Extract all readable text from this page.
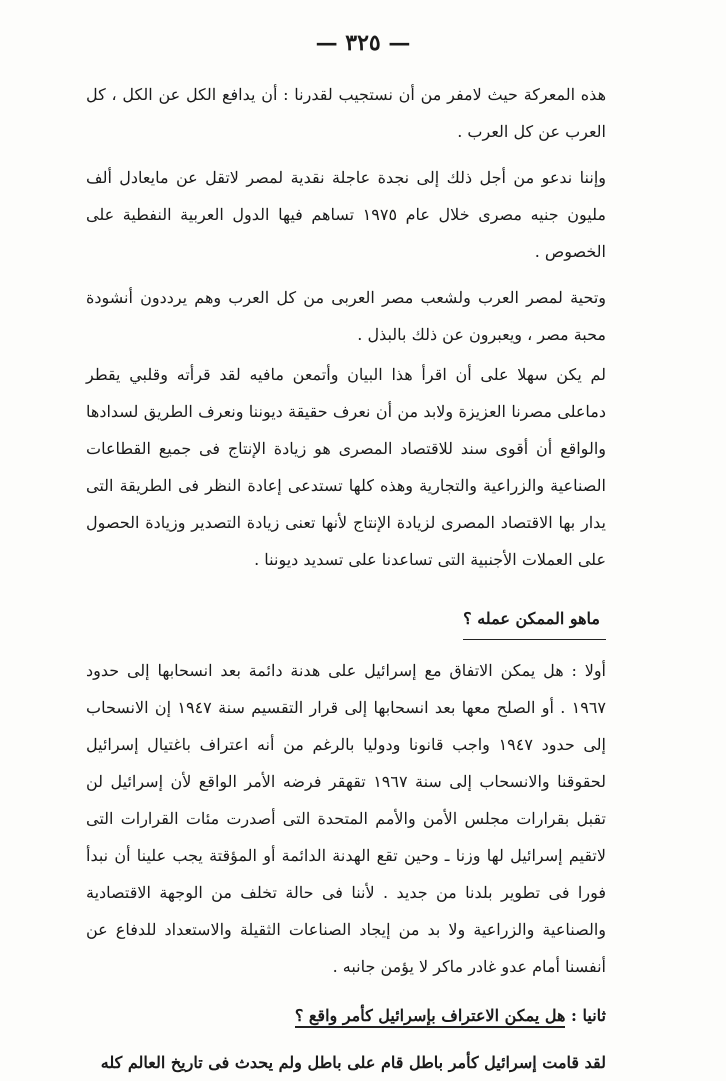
— ٣٢٥ —

هذه المعركة حيث لامفر من أن نستجيب لقدرنا : أن يدافع الكل عن الكل ، كل العرب عن كل العرب .

وإننا ندعو من أجل ذلك إلى نجدة عاجلة نقدية لمصر لاتقل عن مايعادل ألف مليون جنيه مصرى خلال عام ١٩٧٥ تساهم فيها الدول العربية النفطية على الخصوص .

وتحية لمصر العرب ولشعب مصر العربى من كل العرب وهم يرددون أنشودة محبة مصر ، ويعبرون عن ذلك بالبذل .

لم يكن سهلا على أن اقرأ هذا البيان وأتمعن مافيه لقد قرأته وقلبي يقطر دماعلى مصرنا العزيزة ولابد من أن نعرف حقيقة ديوننا ونعرف الطريق لسدادها والواقع أن أقوى سند للاقتصاد المصرى هو زيادة الإنتاج فى جميع القطاعات الصناعية والزراعية والتجارية وهذه كلها تستدعى إعادة النظر فى الطريقة التى يدار بها الاقتصاد المصرى لزيادة الإنتاج لأنها تعنى زيادة التصدير وزيادة الحصول على العملات الأجنبية التى تساعدنا على تسديد ديوننا .

ماهو الممكن عمله ؟

أولا : هل يمكن الاتفاق مع إسرائيل على هدنة دائمة بعد انسحابها إلى حدود ١٩٦٧ . أو الصلح معها بعد انسحابها إلى قرار التقسيم سنة ١٩٤٧ إن الانسحاب إلى حدود ١٩٤٧ واجب قانونا ودوليا بالرغم من أنه اعتراف باغتيال إسرائيل لحقوقنا والانسحاب إلى سنة ١٩٦٧ تقهقر فرضه الأمر الواقع لأن إسرائيل لن تقبل بقرارات مجلس الأمن والأمم المتحدة التى أصدرت مئات القرارات التى لاتقيم إسرائيل لها وزنا ـ وحين تقع الهدنة الدائمة أو المؤقتة يجب علينا أن نبدأ فورا فى تطوير بلدنا من جديد . لأننا فى حالة تخلف من الوجهة الاقتصادية والصناعية والزراعية ولا بد من إيجاد الصناعات الثقيلة والاستعداد للدفاع عن أنفسنا أمام عدو غادر ماكر لا يؤمن جانبه .

ثانيا : هل يمكن الاعتراف بإسرائيل كأمر واقع ؟

لقد قامت إسرائيل كأمر باطل قام على باطل ولم يحدث فى تاريخ العالم كله
